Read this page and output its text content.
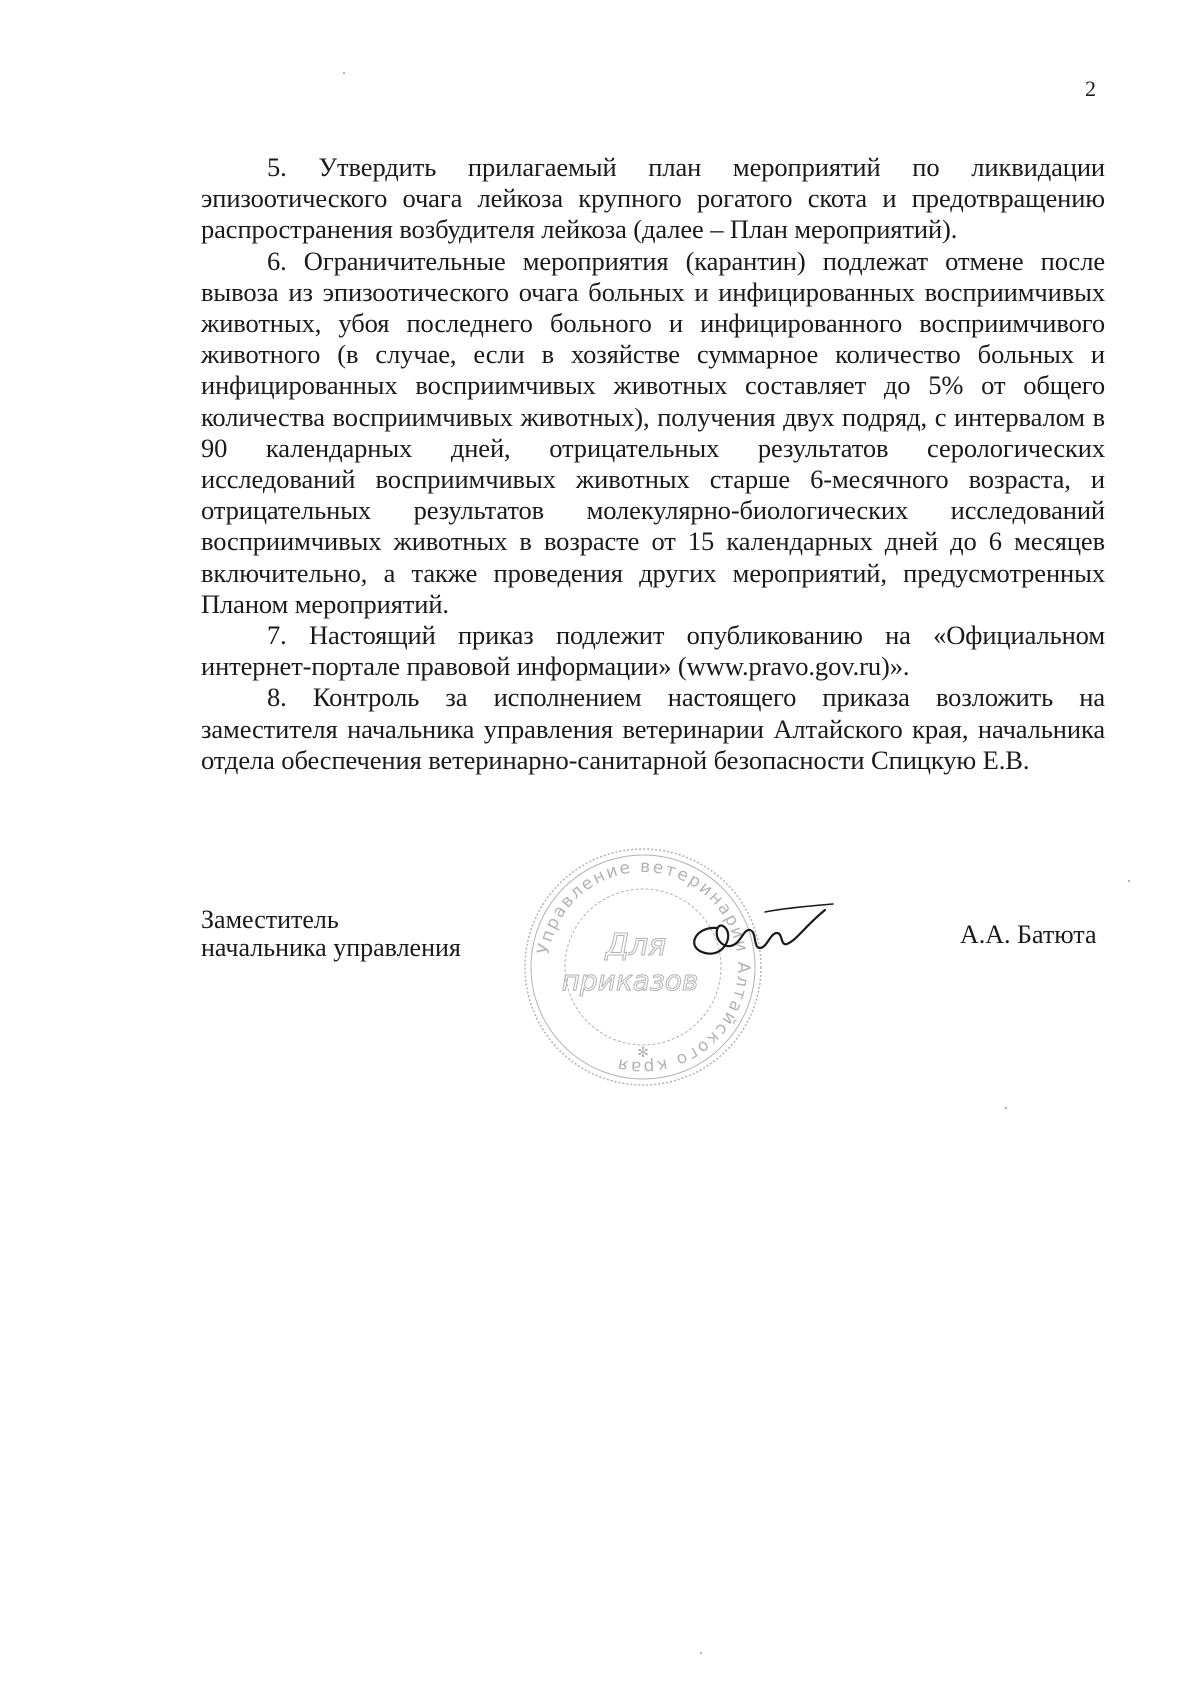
2

5. Утвердить прилагаемый план мероприятий по ликвидации эпизоотического очага лейкоза крупного рогатого скота и предотвращению распространения возбудителя лейкоза (далее – План мероприятий).

6. Ограничительные мероприятия (карантин) подлежат отмене после вывоза из эпизоотического очага больных и инфицированных восприимчивых животных, убоя последнего больного и инфицированного восприимчивого животного (в случае, если в хозяйстве суммарное количество больных и инфицированных восприимчивых животных составляет до 5% от общего количества восприимчивых животных), получения двух подряд, с интервалом в 90 календарных дней, отрицательных результатов серологических исследований восприимчивых животных старше 6-месячного возраста, и отрицательных результатов молекулярно-биологических исследований восприимчивых животных в возрасте от 15 календарных дней до 6 месяцев включительно, а также проведения других мероприятий, предусмотренных Планом мероприятий.

7. Настоящий приказ подлежит опубликованию на «Официальном интернет-портале правовой информации» (www.pravo.gov.ru)».

8. Контроль за исполнением настоящего приказа возложить на заместителя начальника управления ветеринарии Алтайского края, начальника отдела обеспечения ветеринарно-санитарной безопасности Спицкую Е.В.

Заместитель
начальника управления	А.А. Батюта
Управление ветеринарии Алтайского края
Для
приказов
✻
